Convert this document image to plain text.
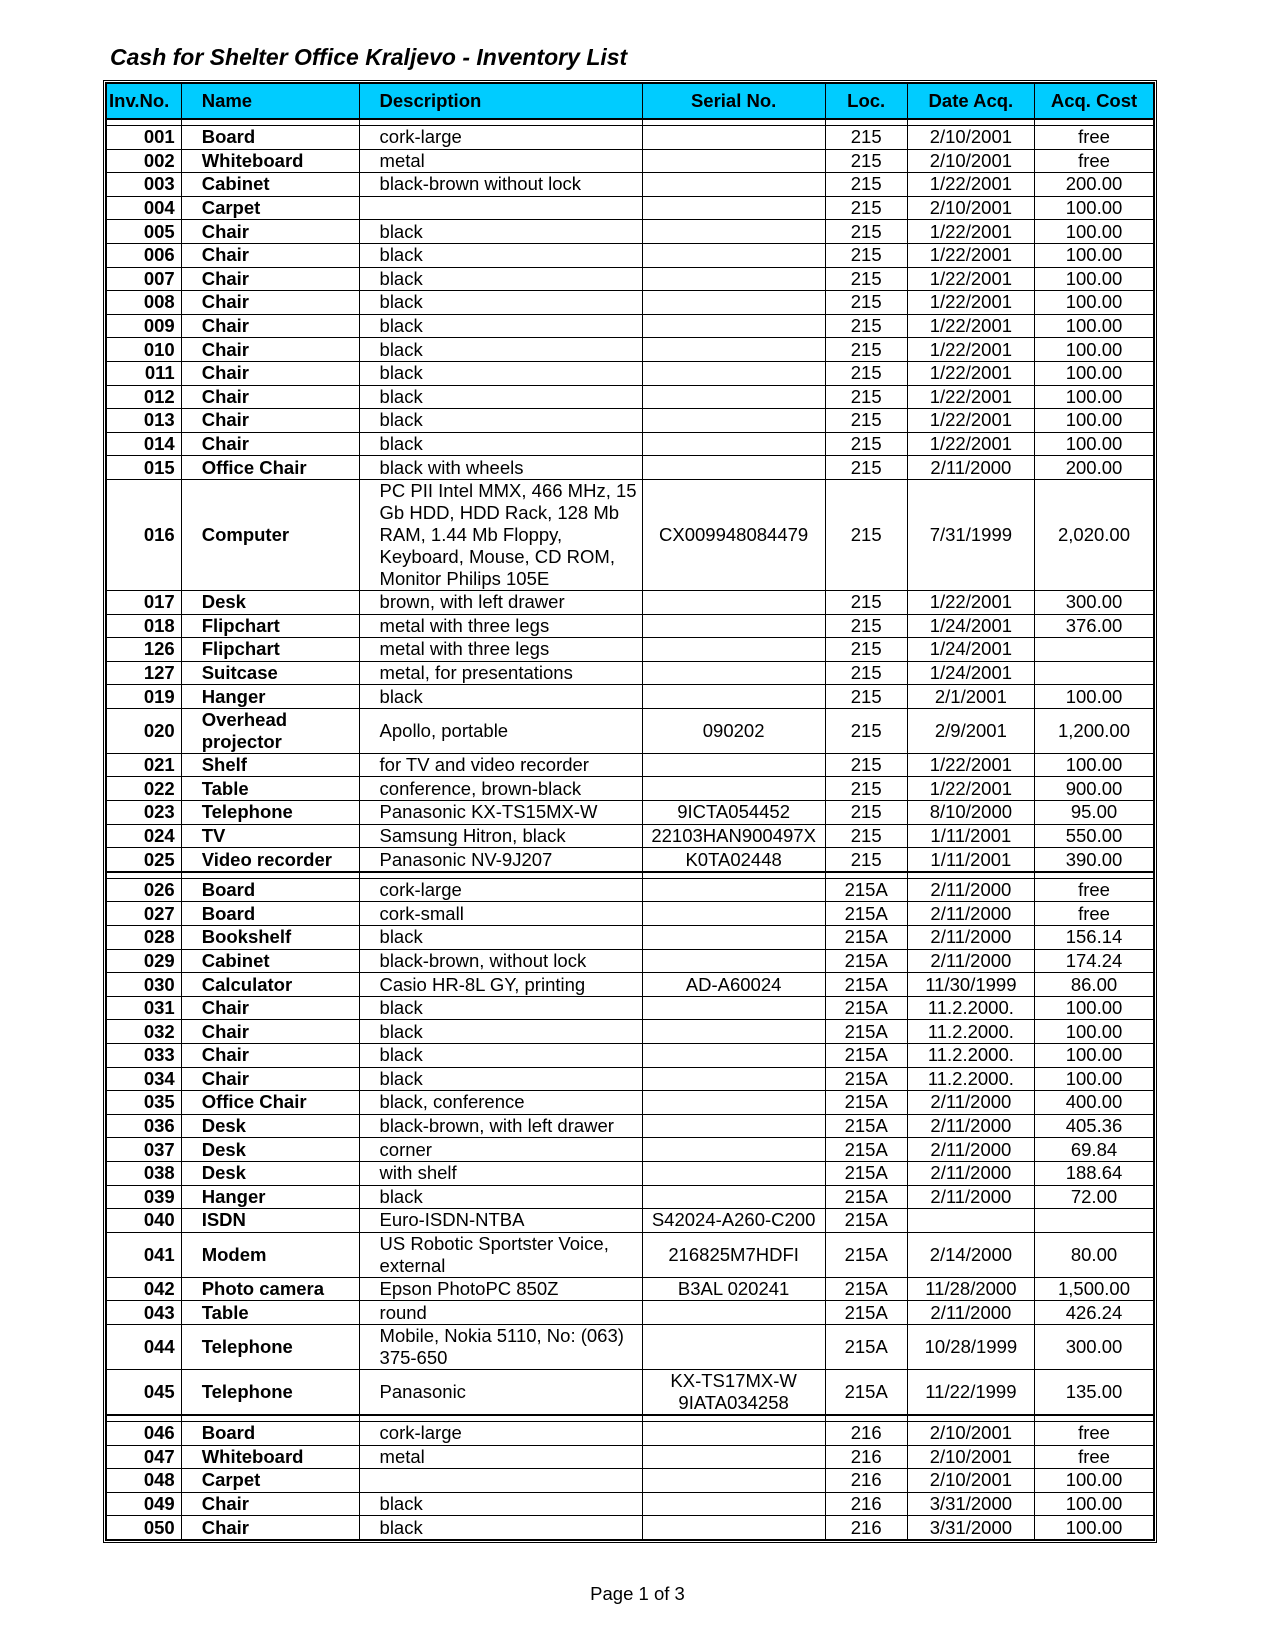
Cash for Shelter Office Kraljevo - Inventory List
Inv.No.	Name	Description	Serial No.	Loc.	Date Acq.	Acq. Cost

001	Board	cork-large		215	2/10/2001	free
002	Whiteboard	metal		215	2/10/2001	free
003	Cabinet	black-brown without lock		215	1/22/2001	200.00
004	Carpet			215	2/10/2001	100.00
005	Chair	black		215	1/22/2001	100.00
006	Chair	black		215	1/22/2001	100.00
007	Chair	black		215	1/22/2001	100.00
008	Chair	black		215	1/22/2001	100.00
009	Chair	black		215	1/22/2001	100.00
010	Chair	black		215	1/22/2001	100.00
011	Chair	black		215	1/22/2001	100.00
012	Chair	black		215	1/22/2001	100.00
013	Chair	black		215	1/22/2001	100.00
014	Chair	black		215	1/22/2001	100.00
015	Office Chair	black with wheels		215	2/11/2000	200.00
016	Computer	PC PII Intel MMX, 466 MHz, 15 Gb HDD, HDD Rack, 128 Mb RAM, 1.44 Mb Floppy, Keyboard, Mouse, CD ROM, Monitor Philips 105E	CX009948084479	215	7/31/1999	2,020.00
017	Desk	brown, with left drawer		215	1/22/2001	300.00
018	Flipchart	metal with three legs		215	1/24/2001	376.00
126	Flipchart	metal with three legs		215	1/24/2001	
127	Suitcase	metal, for presentations		215	1/24/2001	
019	Hanger	black		215	2/1/2001	100.00
020	Overhead projector	Apollo, portable	090202	215	2/9/2001	1,200.00
021	Shelf	for TV and video recorder		215	1/22/2001	100.00
022	Table	conference, brown-black		215	1/22/2001	900.00
023	Telephone	Panasonic KX-TS15MX-W	9ICTA054452	215	8/10/2000	95.00
024	TV	Samsung Hitron, black	22103HAN900497X	215	1/11/2001	550.00
025	Video recorder	Panasonic NV-9J207	K0TA02448	215	1/11/2001	390.00

026	Board	cork-large		215A	2/11/2000	free
027	Board	cork-small		215A	2/11/2000	free
028	Bookshelf	black		215A	2/11/2000	156.14
029	Cabinet	black-brown, without lock		215A	2/11/2000	174.24
030	Calculator	Casio HR-8L GY, printing	AD-A60024	215A	11/30/1999	86.00
031	Chair	black		215A	11.2.2000.	100.00
032	Chair	black		215A	11.2.2000.	100.00
033	Chair	black		215A	11.2.2000.	100.00
034	Chair	black		215A	11.2.2000.	100.00
035	Office Chair	black, conference		215A	2/11/2000	400.00
036	Desk	black-brown, with left drawer		215A	2/11/2000	405.36
037	Desk	corner		215A	2/11/2000	69.84
038	Desk	with shelf		215A	2/11/2000	188.64
039	Hanger	black		215A	2/11/2000	72.00
040	ISDN	Euro-ISDN-NTBA	S42024-A260-C200	215A		
041	Modem	US Robotic Sportster Voice, external	216825M7HDFI	215A	2/14/2000	80.00
042	Photo camera	Epson PhotoPC 850Z	B3AL 020241	215A	11/28/2000	1,500.00
043	Table	round		215A	2/11/2000	426.24
044	Telephone	Mobile, Nokia 5110, No: (063) 375-650		215A	10/28/1999	300.00
045	Telephone	Panasonic	KX-TS17MX-W 9IATA034258	215A	11/22/1999	135.00

046	Board	cork-large		216	2/10/2001	free
047	Whiteboard	metal		216	2/10/2001	free
048	Carpet			216	2/10/2001	100.00
049	Chair	black		216	3/31/2000	100.00
050	Chair	black		216	3/31/2000	100.00
Page 1 of 3
